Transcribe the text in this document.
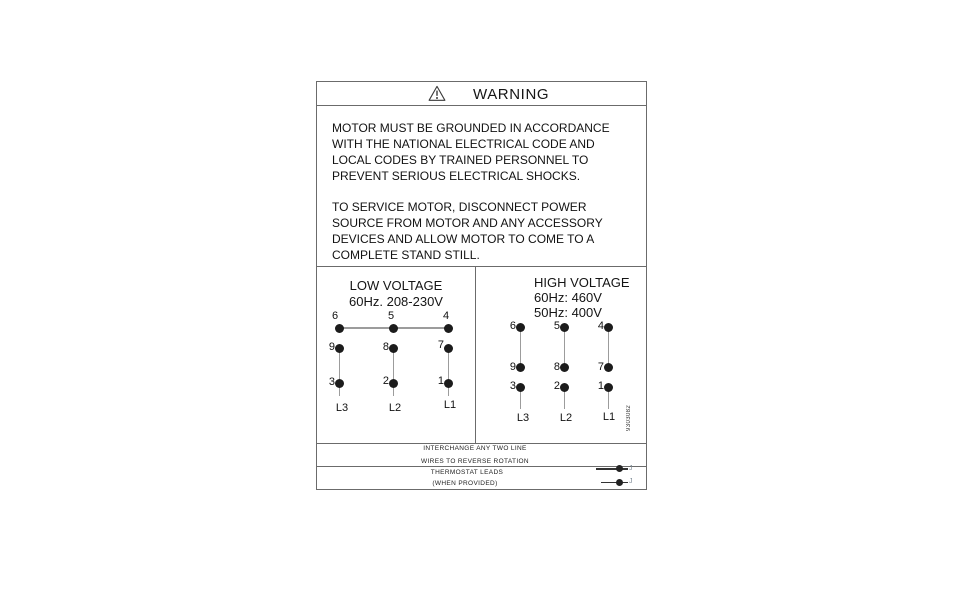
WARNING
MOTOR MUST BE GROUNDED IN ACCORDANCE
WITH THE NATIONAL ELECTRICAL CODE AND
LOCAL CODES BY TRAINED PERSONNEL TO
PREVENT SERIOUS ELECTRICAL SHOCKS.
TO SERVICE MOTOR, DISCONNECT POWER
SOURCE FROM MOTOR AND ANY ACCESSORY
DEVICES AND ALLOW MOTOR TO COME TO A
COMPLETE STAND STILL.
LOW VOLTAGE
60Hz. 208-230V
6	5	4
9	8	7
3	2	1
L3	L2	L1
HIGH VOLTAGE
60Hz: 460V
50Hz: 400V
6	5	4
9	8	7
3	2	1
L3	L2	L1	9303082
INTERCHANGE ANY TWO LINE
WIRES TO REVERSE ROTATION
THERMOSTAT LEADS
(WHEN PROVIDED)
J
J
